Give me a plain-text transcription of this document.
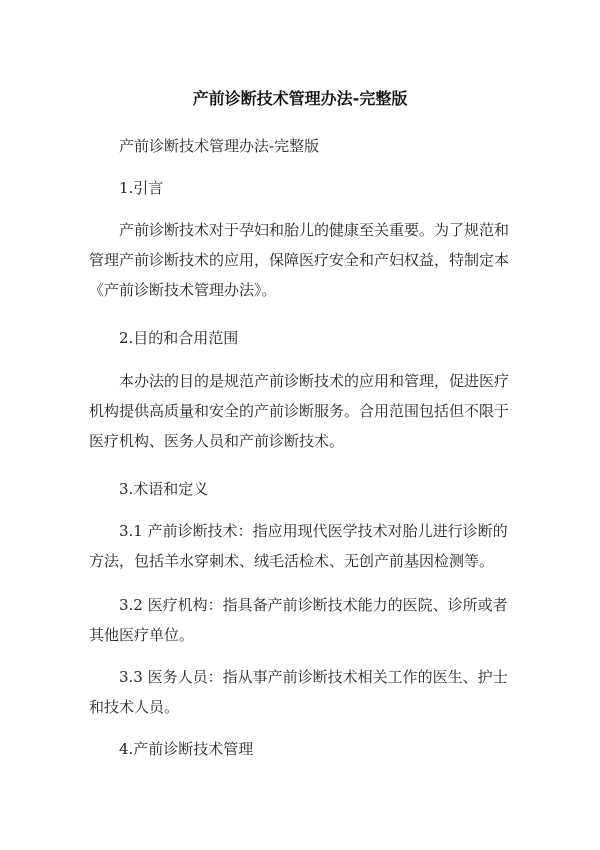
产前诊断技术管理办法-完整版

产前诊断技术管理办法-完整版

1.引言

产前诊断技术对于孕妇和胎儿的健康至关重要。为了规范和管理产前诊断技术的应用，保障医疗安全和产妇权益，特制定本《产前诊断技术管理办法》。

2.目的和合用范围

本办法的目的是规范产前诊断技术的应用和管理，促进医疗机构提供高质量和安全的产前诊断服务。合用范围包括但不限于医疗机构、医务人员和产前诊断技术。

3.术语和定义

3.1 产前诊断技术：指应用现代医学技术对胎儿进行诊断的方法，包括羊水穿刺术、绒毛活检术、无创产前基因检测等。

3.2 医疗机构：指具备产前诊断技术能力的医院、诊所或者其他医疗单位。

3.3 医务人员：指从事产前诊断技术相关工作的医生、护士和技术人员。

4.产前诊断技术管理
